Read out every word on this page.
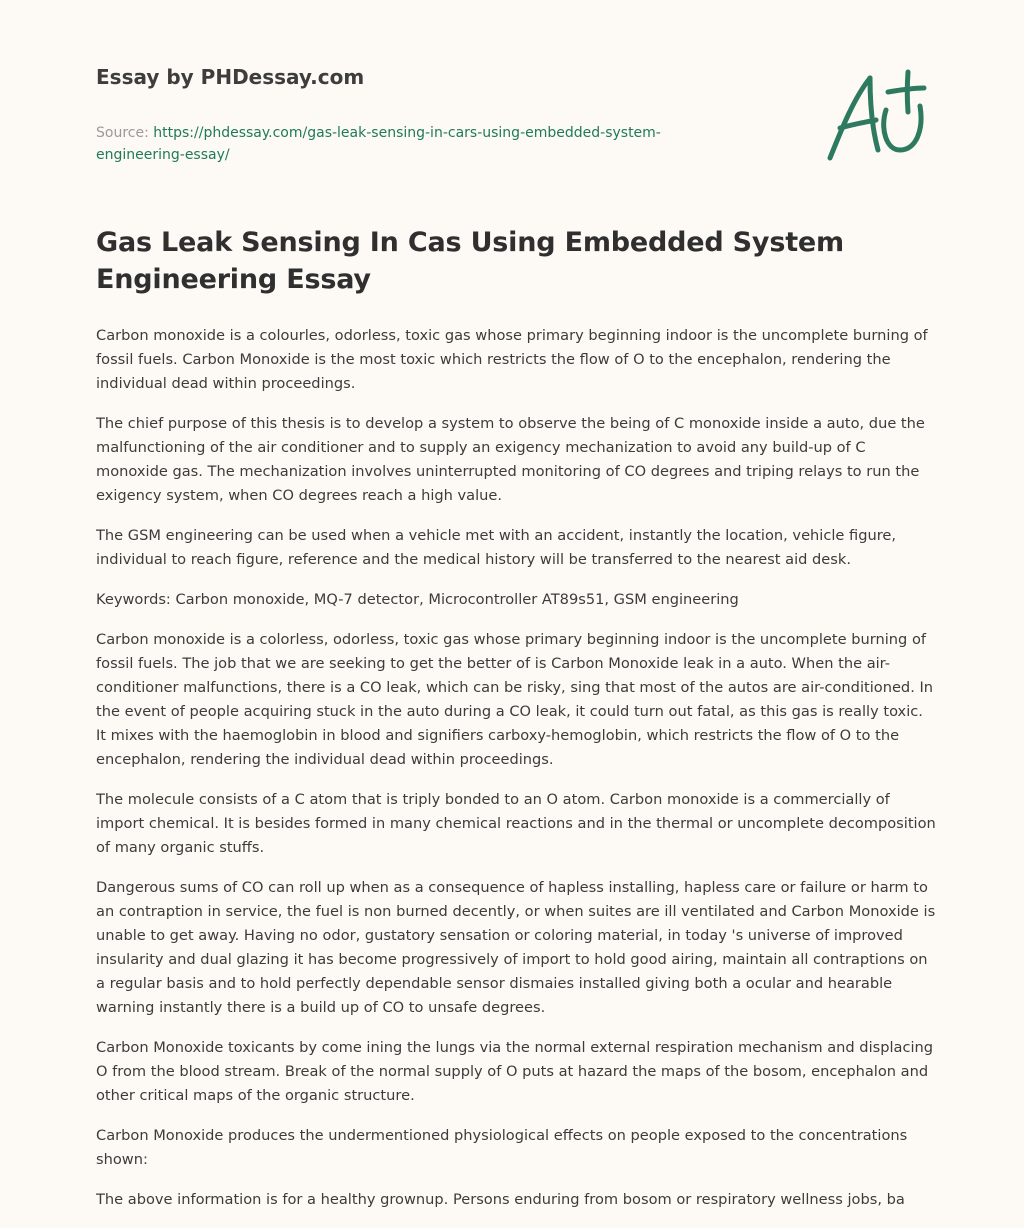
Essay by PHDessay.com
Source: https://phdessay.com/gas-leak-sensing-in-cars-using-embedded-system-
engineering-essay/
Gas Leak Sensing In Cas Using Embedded System Engineering Essay

Carbon monoxide is a colourles, odorless, toxic gas whose primary beginning indoor is the uncomplete burning of fossil fuels. Carbon Monoxide is the most toxic which restricts the flow of O to the encephalon, rendering the individual dead within proceedings.

The chief purpose of this thesis is to develop a system to observe the being of C monoxide inside a auto, due the malfunctioning of the air conditioner and to supply an exigency mechanization to avoid any build-up of C monoxide gas. The mechanization involves uninterrupted monitoring of CO degrees and triping relays to run the exigency system, when CO degrees reach a high value.

The GSM engineering can be used when a vehicle met with an accident, instantly the location, vehicle figure, individual to reach figure, reference and the medical history will be transferred to the nearest aid desk.

Keywords: Carbon monoxide, MQ-7 detector, Microcontroller AT89s51, GSM engineering

Carbon monoxide is a colorless, odorless, toxic gas whose primary beginning indoor is the uncomplete burning of fossil fuels. The job that we are seeking to get the better of is Carbon Monoxide leak in a auto. When the air-conditioner malfunctions, there is a CO leak, which can be risky, sing that most of the autos are air-conditioned. In the event of people acquiring stuck in the auto during a CO leak, it could turn out fatal, as this gas is really toxic. It mixes with the haemoglobin in blood and signifiers carboxy-hemoglobin, which restricts the flow of O to the encephalon, rendering the individual dead within proceedings.

The molecule consists of a C atom that is triply bonded to an O atom. Carbon monoxide is a commercially of import chemical. It is besides formed in many chemical reactions and in the thermal or uncomplete decomposition of many organic stuffs.

Dangerous sums of CO can roll up when as a consequence of hapless installing, hapless care or failure or harm to an contraption in service, the fuel is non burned decently, or when suites are ill ventilated and Carbon Monoxide is unable to get away. Having no odor, gustatory sensation or coloring material, in today 's universe of improved insularity and dual glazing it has become progressively of import to hold good airing, maintain all contraptions on a regular basis and to hold perfectly dependable sensor dismaies installed giving both a ocular and hearable warning instantly there is a build up of CO to unsafe degrees.

Carbon Monoxide toxicants by come ining the lungs via the normal external respiration mechanism and displacing O from the blood stream. Break of the normal supply of O puts at hazard the maps of the bosom, encephalon and other critical maps of the organic structure.

Carbon Monoxide produces the undermentioned physiological effects on people exposed to the concentrations shown:

The above information is for a healthy grownup. Persons enduring from bosom or respiratory wellness jobs, ba
